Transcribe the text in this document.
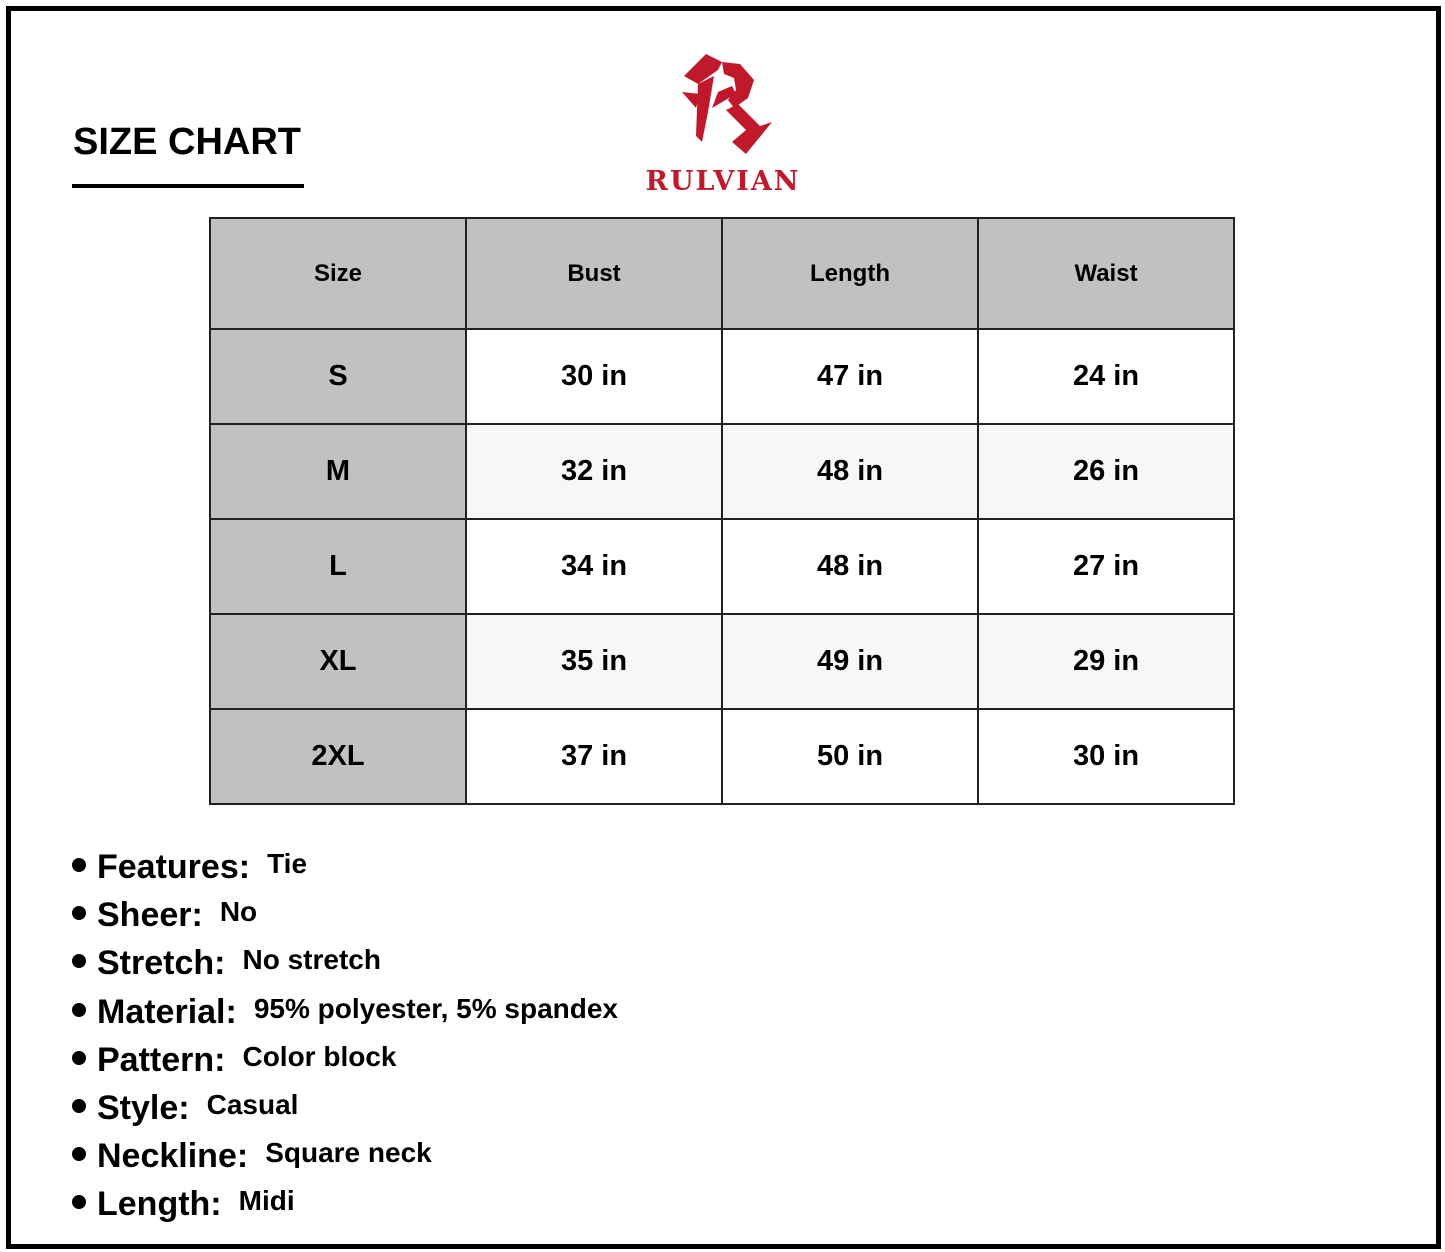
SIZE CHART
RULVIAN
Size	Bust	Length	Waist
S	30 in	47 in	24 in
M	32 in	48 in	26 in
L	34 in	48 in	27 in
XL	35 in	49 in	29 in
2XL	37 in	50 in	30 in
Features: Tie
Sheer: No
Stretch: No stretch
Material: 95% polyester, 5% spandex
Pattern: Color block
Style: Casual
Neckline: Square neck
Length: Midi
